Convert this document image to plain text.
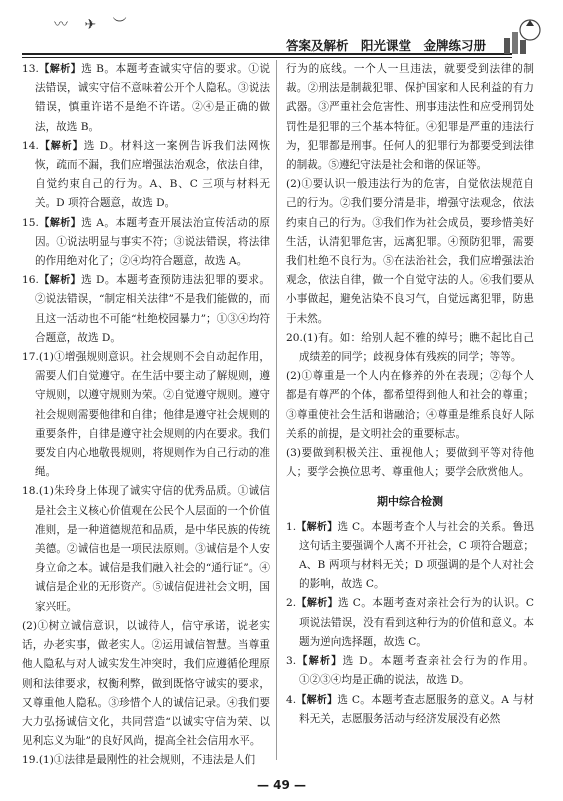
〰 ✈ ︶
答案及解析　阳光课堂　金牌练习册
13.【解析】选 B。本题考查诚实守信的要求。①说法错误，诚实守信不意味着公开个人隐私。③说法错误，慎重许诺不是绝不许诺。②④是正确的做法，故选 B。
14.【解析】选 D。材料这一案例告诉我们法网恢恢，疏而不漏，我们应增强法治观念，依法自律，自觉约束自己的行为。A、B、C 三项与材料无关。D 项符合题意，故选 D。
15.【解析】选 A。本题考查开展法治宣传活动的原因。①说法明显与事实不符；③说法错误，将法律的作用绝对化了；②④均符合题意，故选 A。
16.【解析】选 D。本题考查预防违法犯罪的要求。②说法错误，“制定相关法律”不是我们能做的，而且这一活动也不可能“杜绝校园暴力”；①③④均符合题意，故选 D。
17.(1)①增强规则意识。社会规则不会自动起作用，需要人们自觉遵守。在生活中要主动了解规则，遵守规则，以遵守规则为荣。②自觉遵守规则。遵守社会规则需要他律和自律；他律是遵守社会规则的重要条件，自律是遵守社会规则的内在要求。我们要发自内心地敬畏规则，将规则作为自己行动的准绳。
18.(1)朱玲身上体现了诚实守信的优秀品质。①诚信是社会主义核心价值观在公民个人层面的一个价值准则，是一种道德规范和品质，是中华民族的传统美德。②诚信也是一项民法原则。③诚信是个人安身立命之本。诚信是我们融入社会的“通行证”。④诚信是企业的无形资产。⑤诚信促进社会文明，国家兴旺。
(2)①树立诚信意识，以诚待人，信守承诺，说老实话，办老实事，做老实人。②运用诚信智慧。当尊重他人隐私与对人诚实发生冲突时，我们应遵循伦理原则和法律要求，权衡利弊，做到既恪守诚实的要求，又尊重他人隐私。③珍惜个人的诚信记录。④我们要大力弘扬诚信文化，共同营造“以诚实守信为荣、以见利忘义为耻”的良好风尚，提高全社会信用水平。
19.(1)①法律是最刚性的社会规则，不违法是人们
行为的底线。一个人一旦违法，就要受到法律的制裁。②刑法是制裁犯罪、保护国家和人民利益的有力武器。③严重社会危害性、刑事违法性和应受刑罚处罚性是犯罪的三个基本特征。④犯罪是严重的违法行为，犯罪都是刑事。任何人的犯罪行为都要受到法律的制裁。⑤遵纪守法是社会和谐的保证等。
(2)①要认识一般违法行为的危害，自觉依法规范自己的行为。②我们要分清是非，增强守法观念，依法约束自己的行为。③我们作为社会成员，要珍惜美好生活，认清犯罪危害，远离犯罪。④预防犯罪，需要我们杜绝不良行为。⑤在法治社会，我们应增强法治观念，依法自律，做一个自觉守法的人。⑥我们要从小事做起，避免沾染不良习气，自觉远离犯罪，防患于未然。
20.(1)有。如：给别人起不雅的绰号；瞧不起比自己成绩差的同学；歧视身体有残疾的同学；等等。
(2)①尊重是一个人内在修养的外在表现；②每个人都是有尊严的个体，都希望得到他人和社会的尊重；③尊重使社会生活和谐融洽；④尊重是维系良好人际关系的前提，是文明社会的重要标志。
(3)要做到积极关注、重视他人；要做到平等对待他人；要学会换位思考、尊重他人；要学会欣赏他人。
期中综合检测
1.【解析】选 C。本题考查个人与社会的关系。鲁迅这句话主要强调个人离不开社会，C 项符合题意；A、B 两项与材料无关；D 项强调的是个人对社会的影响，故选 C。
2.【解析】选 C。本题考查对亲社会行为的认识。C 项说法错误，没有看到这种行为的价值和意义。本题为逆向选择题，故选 C。
3.【解析】选 D。本题考查亲社会行为的作用。①②③④均是正确的说法，故选 D。
4.【解析】选 C。本题考查志愿服务的意义。A 与材料无关，志愿服务活动与经济发展没有必然
— 49 —
